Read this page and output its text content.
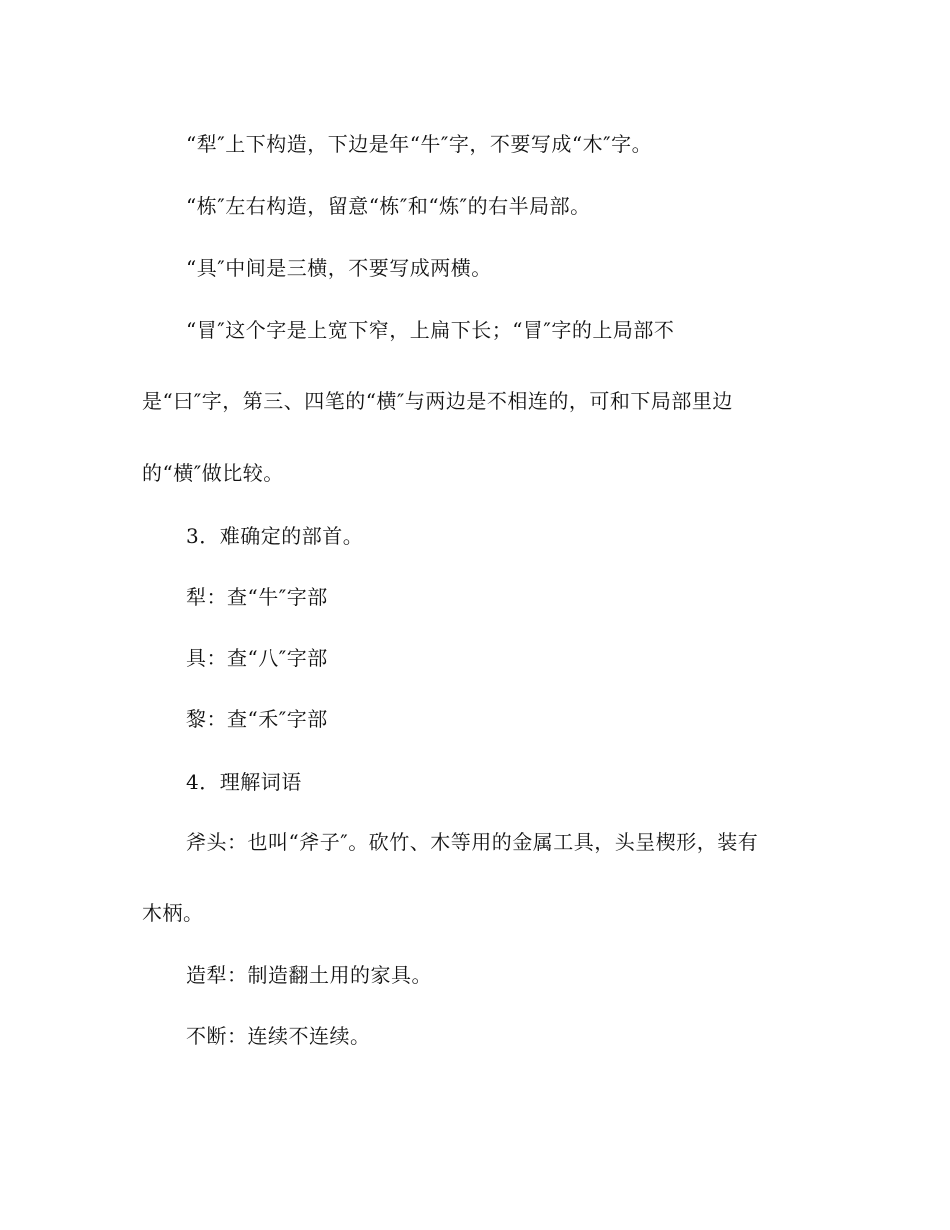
“犁″上下构造，下边是年“牛″字，不要写成“木″字。
“栋″左右构造，留意“栋″和“炼″的右半局部。
“具″中间是三横，不要写成两横。
“冒″这个字是上宽下窄，上扁下长；“冒″字的上局部不
是“曰″字，第三、四笔的“横″与两边是不相连的，可和下局部里边
的“横″做比较。
3．难确定的部首。
犁：查“牛″字部
具：查“八″字部
黎：查“禾″字部
4．理解词语
斧头：也叫“斧子″。砍竹、木等用的金属工具，头呈楔形，装有
木柄。
造犁：制造翻土用的家具。
不断：连续不连续。
